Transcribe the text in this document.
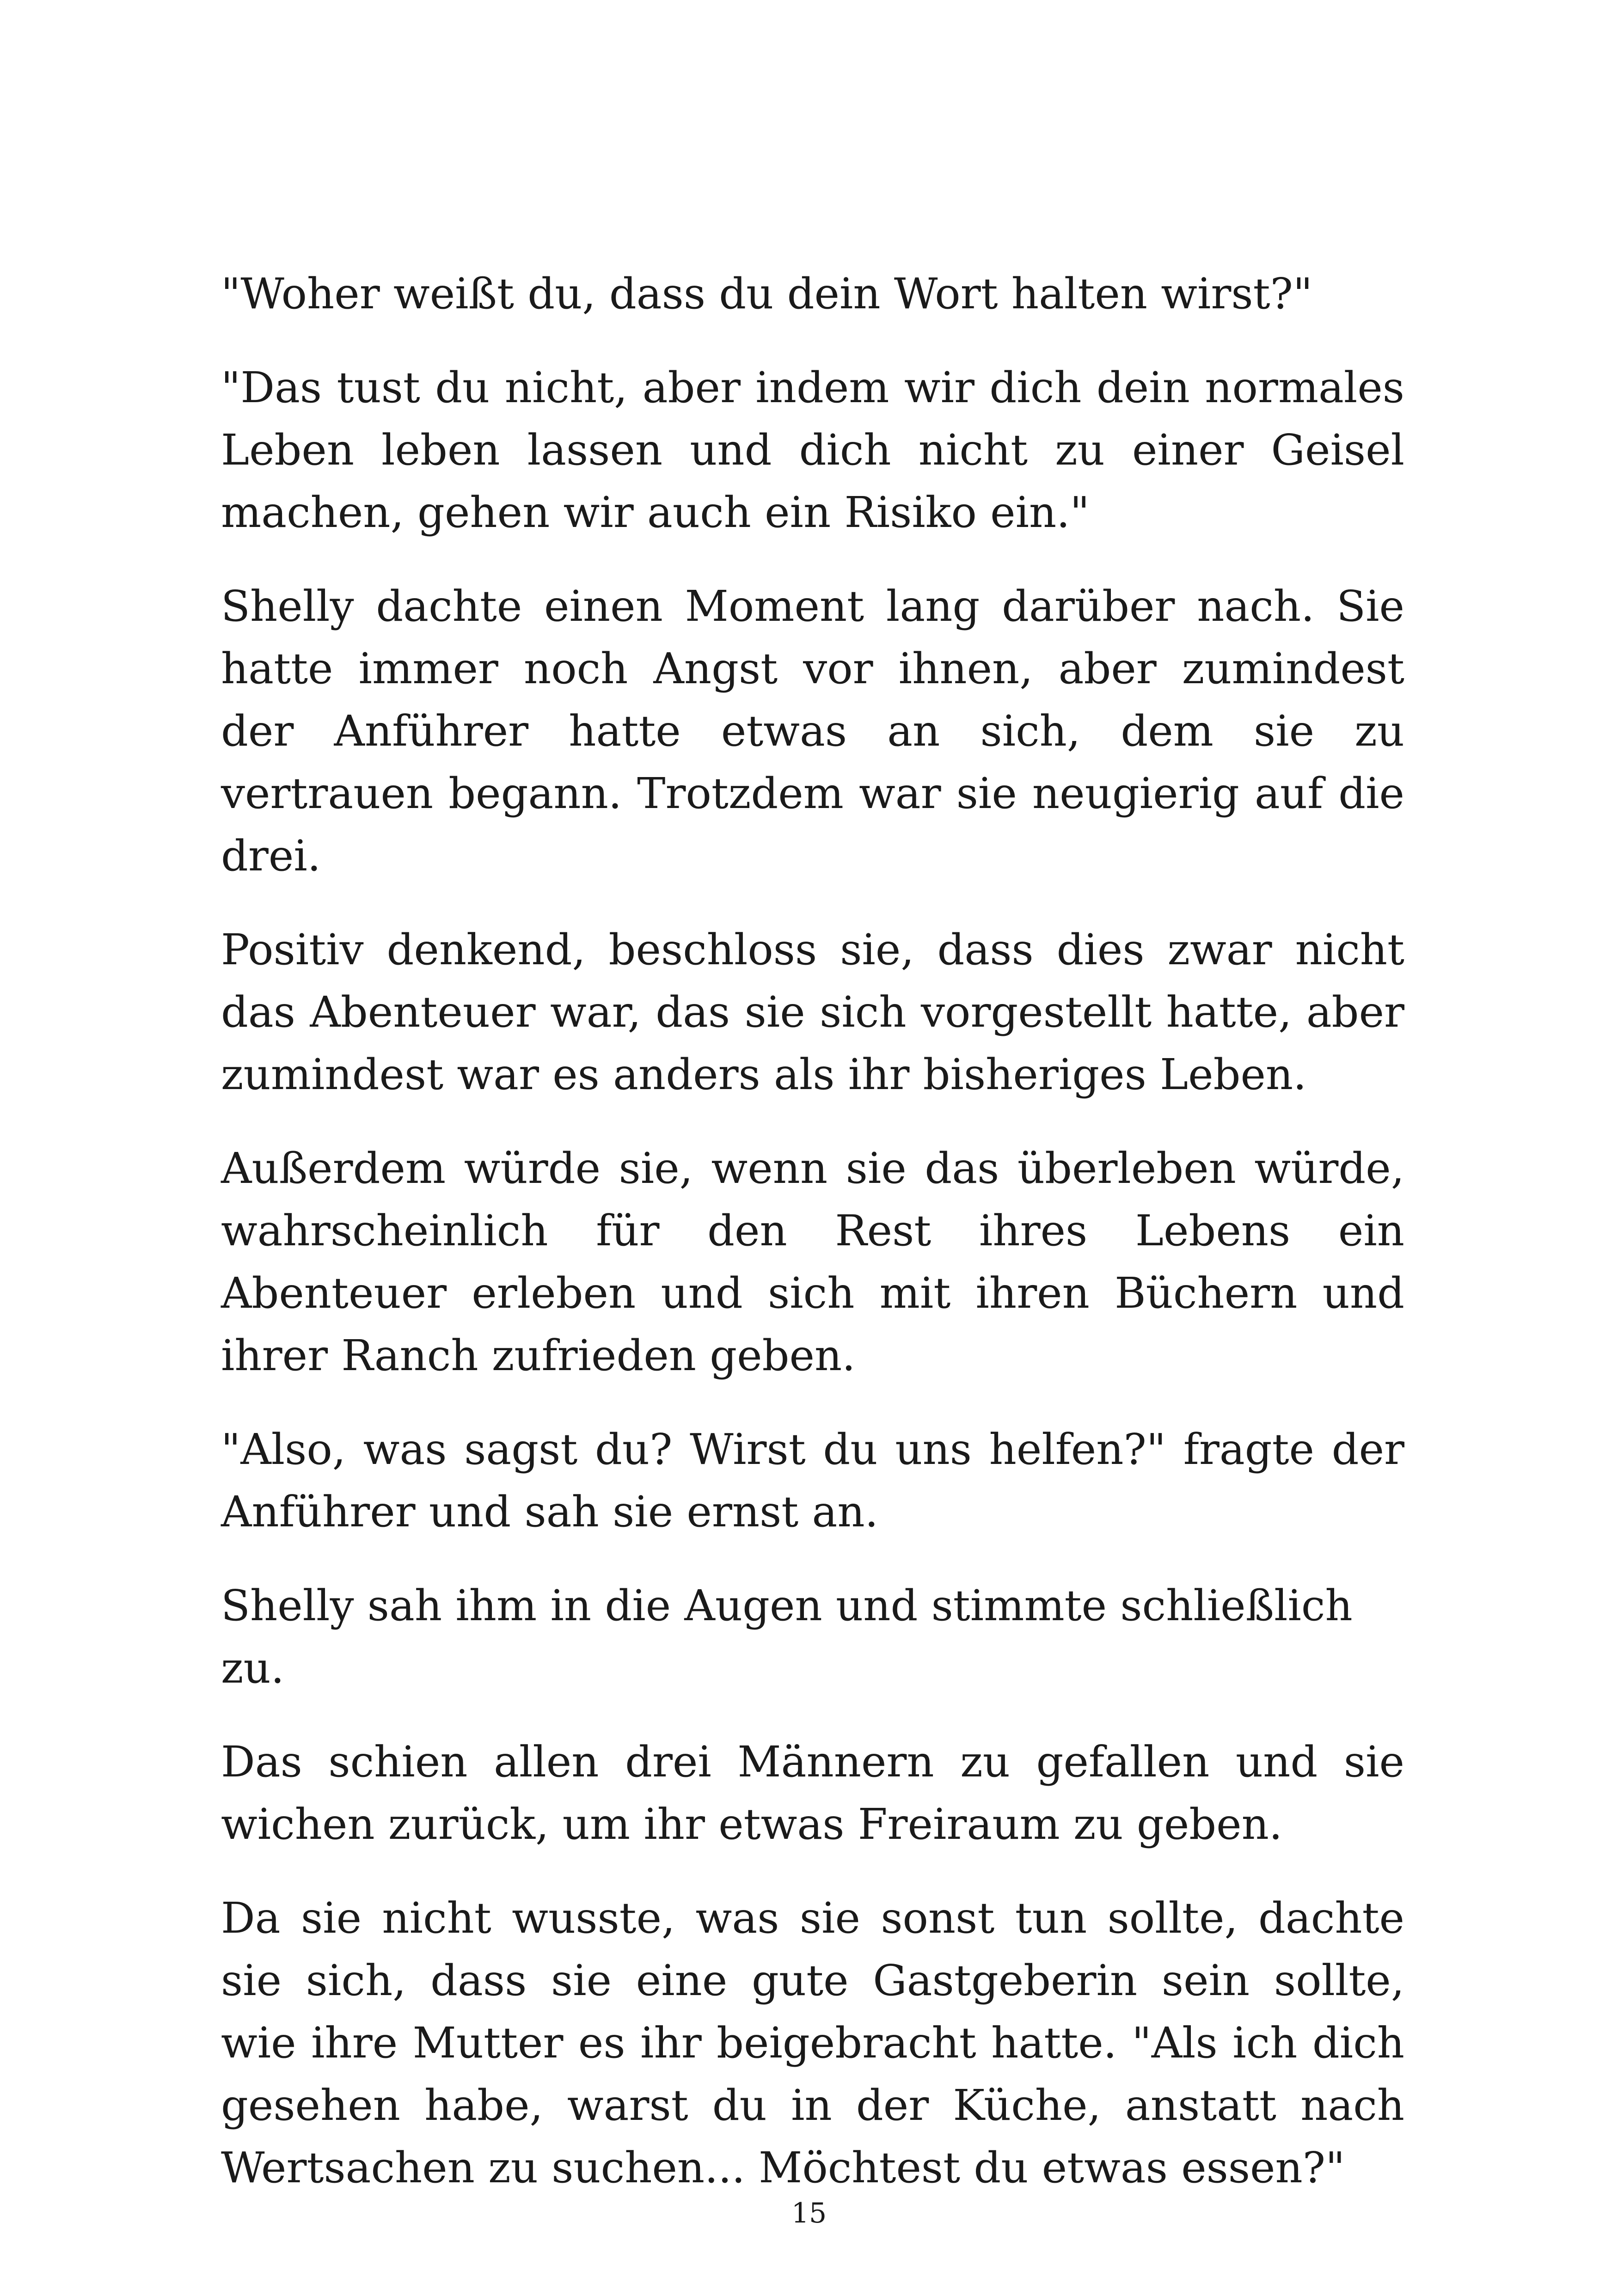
"Woher weißt du, dass du dein Wort halten wirst?"

"Das tust du nicht, aber indem wir dich dein normales Leben leben lassen und dich nicht zu einer Geisel machen, gehen wir auch ein Risiko ein."

Shelly dachte einen Moment lang darüber nach. Sie hatte immer noch Angst vor ihnen, aber zumindest der Anführer hatte etwas an sich, dem sie zu vertrauen begann. Trotzdem war sie neugierig auf die drei.

Positiv denkend, beschloss sie, dass dies zwar nicht das Abenteuer war, das sie sich vorgestellt hatte, aber zumindest war es anders als ihr bisheriges Leben.

Außerdem würde sie, wenn sie das überleben würde, wahrscheinlich für den Rest ihres Lebens ein Abenteuer erleben und sich mit ihren Büchern und ihrer Ranch zufrieden geben.

"Also, was sagst du? Wirst du uns helfen?" fragte der Anführer und sah sie ernst an.

Shelly sah ihm in die Augen und stimmte schließlich zu.

Das schien allen drei Männern zu gefallen und sie wichen zurück, um ihr etwas Freiraum zu geben.

Da sie nicht wusste, was sie sonst tun sollte, dachte sie sich, dass sie eine gute Gastgeberin sein sollte, wie ihre Mutter es ihr beigebracht hatte. "Als ich dich gesehen habe, warst du in der Küche, anstatt nach Wertsachen zu suchen... Möchtest du etwas essen?"

15
